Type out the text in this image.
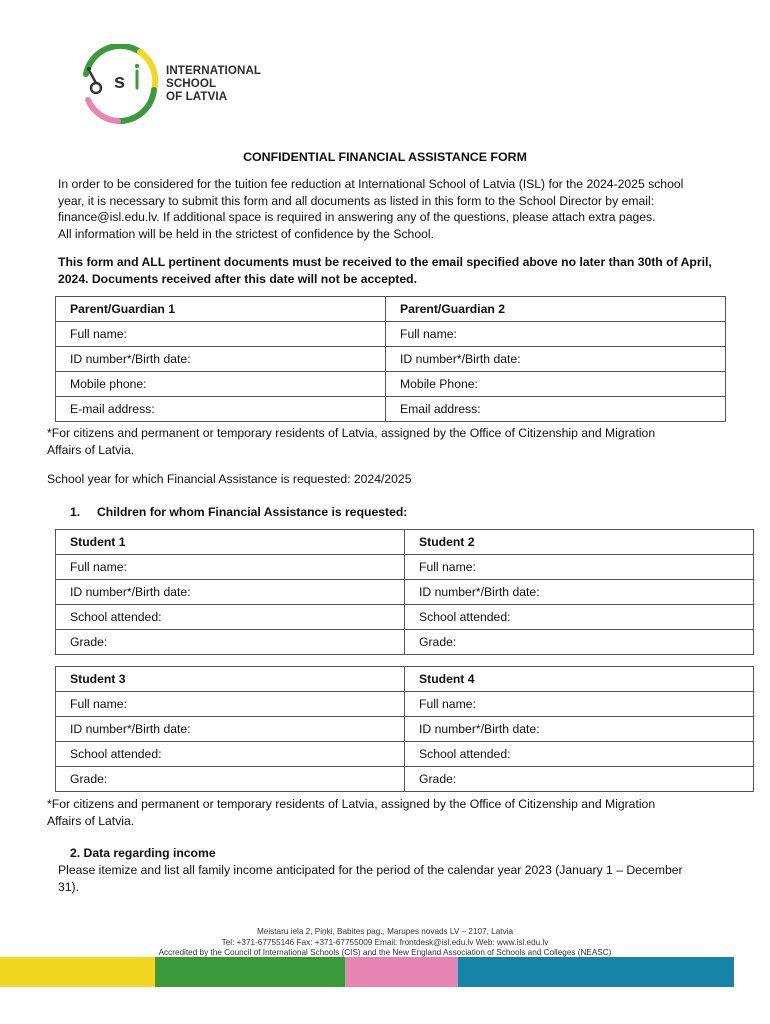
s
INTERNATIONAL
SCHOOL
OF LATVIA
CONFIDENTIAL FINANCIAL ASSISTANCE FORM
In order to be considered for the tuition fee reduction at International School of Latvia (ISL) for the 2024-2025 school
year, it is necessary to submit this form and all documents as listed in this form to the School Director by email:
finance@isl.edu.lv. If additional space is required in answering any of the questions, please attach extra pages.
All information will be held in the strictest of confidence by the School.
This form and ALL pertinent documents must be received to the email specified above no later than 30th of April,
2024. Documents received after this date will not be accepted.
Parent/Guardian 1	Parent/Guardian 2
Full name:	Full name:
ID number*/Birth date:	ID number*/Birth date:
Mobile phone:	Mobile Phone:
E-mail address:	Email address:
*For citizens and permanent or temporary residents of Latvia, assigned by the Office of Citizenship and Migration
Affairs of Latvia.
School year for which Financial Assistance is requested: 2024/2025
1. Children for whom Financial Assistance is requested:
Student 1	Student 2
Full name:	Full name:
ID number*/Birth date:	ID number*/Birth date:
School attended:	School attended:
Grade:	Grade:
Student 3	Student 4
Full name:	Full name:
ID number*/Birth date:	ID number*/Birth date:
School attended:	School attended:
Grade:	Grade:
*For citizens and permanent or temporary residents of Latvia, assigned by the Office of Citizenship and Migration
Affairs of Latvia.
2. Data regarding income
Please itemize and list all family income anticipated for the period of the calendar year 2023 (January 1 – December
31).
Meistaru iela 2, Piņķi, Babites pag., Marupes novads LV – 2107, Latvia
Tel: +371-67755146 Fax: +371-67755009 Email: frontdesk@isl.edu.lv Web: www.isl.edu.lv
Accredited by the Council of International Schools (CIS) and the New England Association of Schools and Colleges (NEASC)
